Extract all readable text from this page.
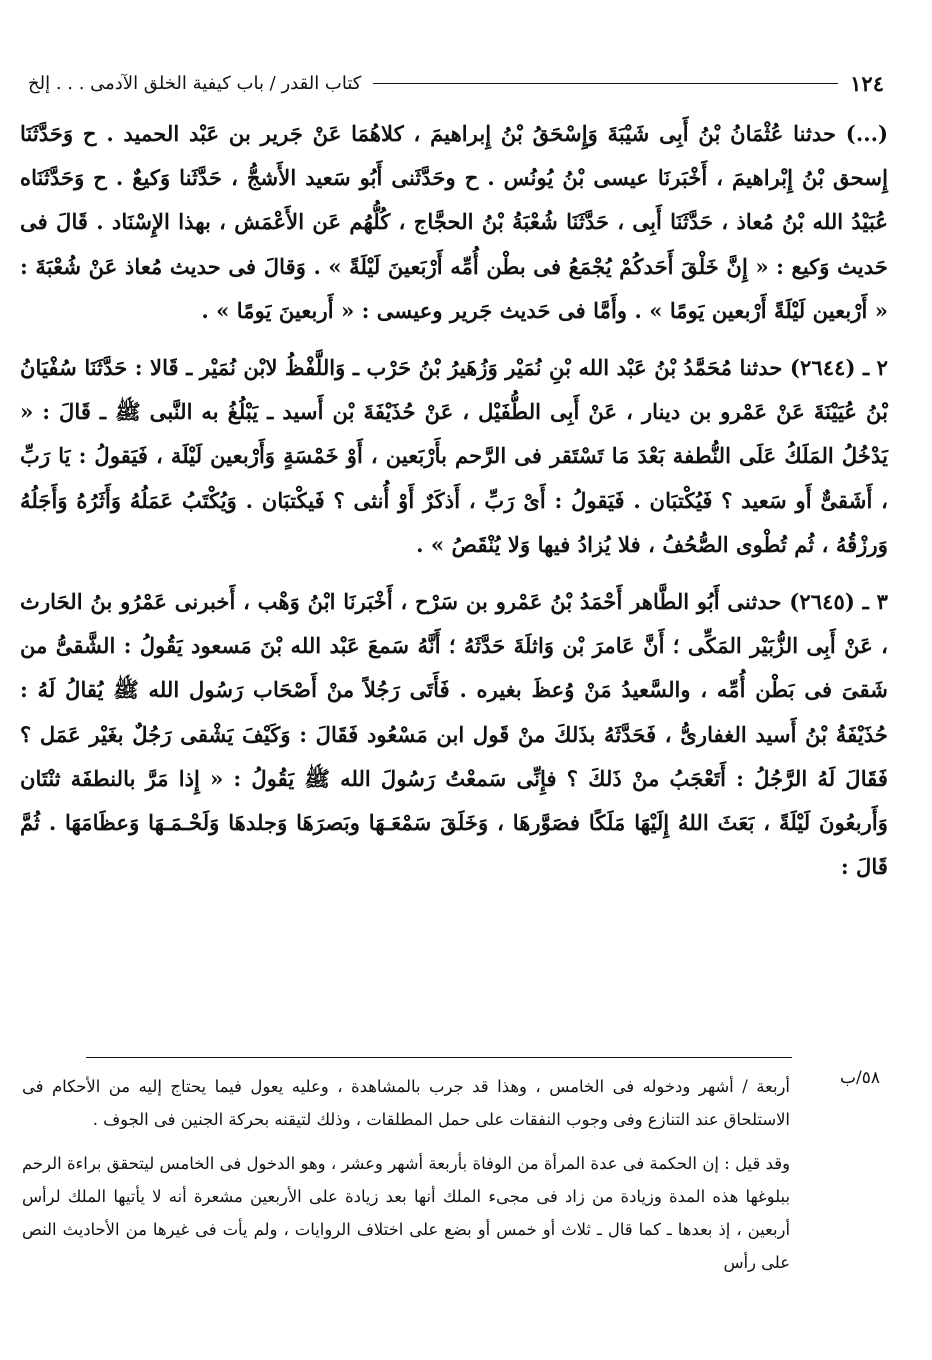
١٢٤
كتاب القدر / باب كيفية الخلق الآدمى . . . إلخ

(...) حدثنا عُثْمَانُ بْنُ أَبِى شَيْبَةَ وَإِسْحَقُ بْنُ إِبراهيمَ ، كلاهُمَا عَنْ جَرير بن عَبْد الحميد . ح وَحَدَّثَنَا إِسحق بْنُ إِبْراهيمَ ، أَخْبَرنَا عيسى بْنُ يُونُس . ح وحَدَّثَنى أَبُو سَعيد الأَشجُّ ، حَدَّثَنا وَكيعٌ . ح وَحَدَّثَنَاه عُبَيْدُ الله بْنُ مُعاذ ، حَدَّثَنَا أَبِى ، حَدَّثَنَا شُعْبَةُ بْنُ الحجَّاج ، كُلُّهُم عَن الأَعْمَش ، بهذا الإِسْنَاد . قَالَ فى حَديث وَكيع : « إِنَّ خَلْقَ أَحَدكُمْ يُجْمَعُ فى بطْن أُمِّه أَرْبَعينَ لَيْلَةً » . وَقالَ فى حديث مُعاذ عَنْ شُعْبَةَ : « أَرْبعين لَيْلَةً أَرْبعين يَومًا » . وأَمَّا فى حَديث جَرير وعيسى : « أَربعينَ يَومًا » .

٢ ـ (٢٦٤٤) حدثنا مُحَمَّدُ بْنُ عَبْد الله بْنِ نُمَيْر وَزُهَيرُ بْنُ حَرْب ـ وَاللَّفْظُ لابْن نُمَيْر ـ قَالا : حَدَّثَنَا سُفْيَانُ بْنُ عُيَيْنَةَ عَنْ عَمْرو بن دينار ، عَنْ أَبِى الطُّفَيْل ، عَنْ حُذَيْفَةَ بْن أَسيد ـ يَبْلُغُ به النَّبى ﷺ ـ قَالَ : « يَدْخُلُ المَلَكُ عَلَى النُّطفة بَعْدَ مَا تَسْتَقر فى الرَّحم بأَرْبَعين ، أَوْ خَمْسَةٍ وَأَرْبعين لَيْلَة ، فَيَقولُ : يَا رَبِّ ، أَشَقىٌّ أَو سَعيد ؟ فَيُكْتبَان . فَيَقولُ : أَىْ رَبِّ ، أَذكَرٌ أَوْ أُنثى ؟ فَيكْتبَان . وَيُكْتَبُ عَمَلُهُ وَأَثَرُهُ وَأَجَلُهُ وَرزْقُهُ ، ثُم تُطْوى الصُّحُفُ ، فلا يُزادُ فيها وَلا يُنْقَصُ » .

٣ ـ (٢٦٤٥) حدثنى أَبُو الطَّاهر أَحْمَدُ بْنُ عَمْرو بن سَرْح ، أَخْبَرنَا ابْنُ وَهْب ، أَخبرنى عَمْرُو بنُ الحَارث ، عَنْ أَبِى الزُّبَيْر المَكِّى ؛ أَنَّ عَامرَ بْن وَاثلَةَ حَدَّثَهُ ؛ أَنَّهُ سَمعَ عَبْد الله بْنَ مَسعود يَقُولُ : الشَّقىُّ من شَقىَ فى بَطْن أُمِّه ، والسَّعيدُ مَنْ وُعظَ بغيره . فَأَتَى رَجُلاً منْ أَصْحَاب رَسُول الله ﷺ يُقالُ لَهُ : حُذَيْفَةُ بْنُ أَسيد الغفارىُّ ، فَحَدَّثَهُ بذَلكَ منْ قَول ابن مَسْعُود فَقَالَ : وَكَيْفَ يَشْقى رَجُلٌ بغَيْر عَمَل ؟ فَقَالَ لَهُ الرَّجُلُ : أَتَعْجَبُ منْ ذَلكَ ؟ فإِنِّى سَمعْتُ رَسُولَ الله ﷺ يَقُولُ : « إِذا مَرَّ بالنطفَة ثنْتَان وَأَربعُونَ لَيْلَةً ، بَعَثَ اللهُ إِلَيْهَا مَلَكًا فصَوَّرهَا ، وَخَلَقَ سَمْعَـهَا وبَصرَهَا وَجلدهَا وَلَحْـمَـهَا وَعظَامَهَا . ثُمَّ قَالَ :

٥٨/ب

أربعة / أشهر ودخوله فى الخامس ، وهذا قد جرب بالمشاهدة ، وعليه يعول فيما يحتاج إليه من الأحكام فى الاستلحاق عند التنازع وفى وجوب النفقات على حمل المطلقات ، وذلك لتيقنه بحركة الجنين فى الجوف .

وقد قيل : إن الحكمة فى عدة المرأة من الوفاة بأربعة أشهر وعشر ، وهو الدخول فى الخامس ليتحقق براءة الرحم ببلوغها هذه المدة وزيادة من زاد فى مجىء الملك أنها بعد زيادة على الأربعين مشعرة أنه لا يأتيها الملك لرأس أربعين ، إذ بعدها ـ كما قال ـ ثلاث أو خمس أو بضع على اختلاف الروايات ، ولم يأت فى غيرها من الأحاديث النص على رأس
